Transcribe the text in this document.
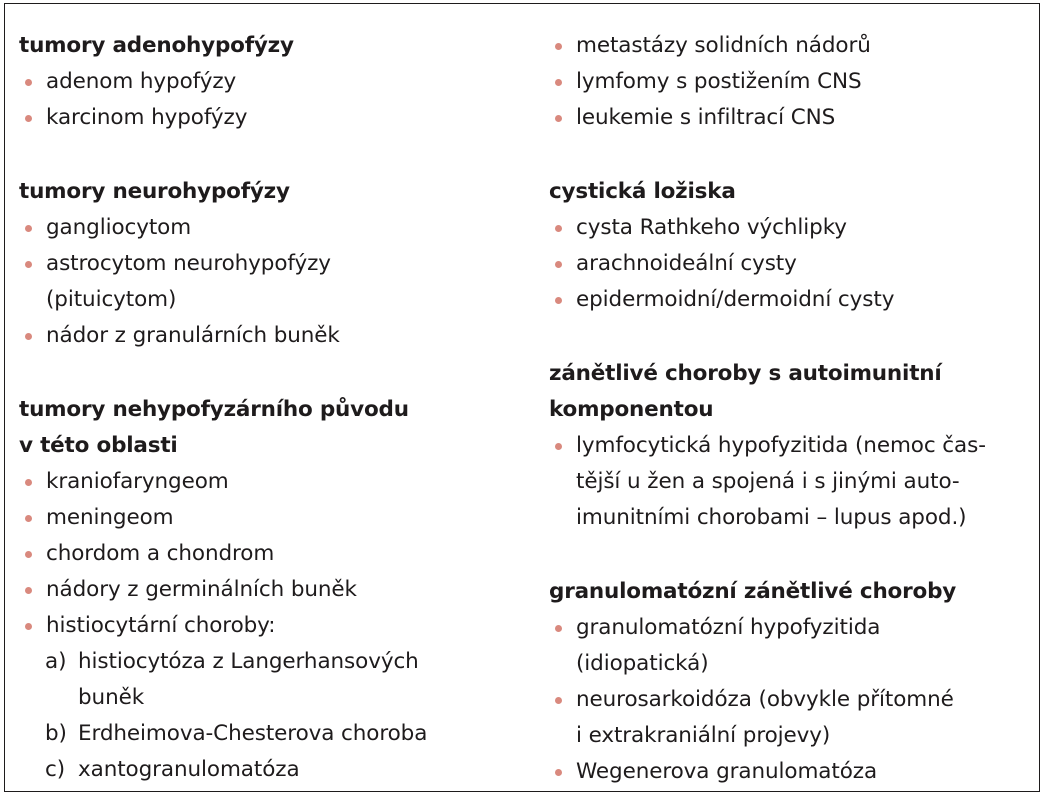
tumory adenohypofýzy
adenom hypofýzy
karcinom hypofýzy
tumory neurohypofýzy
gangliocytom
astrocytom neurohypofýzy
(pituicytom)
nádor z granulárních buněk
tumory nehypofyzárního původu
v této oblasti
kraniofaryngeom
meningeom
chordom a chondrom
nádory z germinálních buněk
histiocytární choroby:
a) histiocytóza z Langerhansových
buněk
b) Erdheimova-Chesterova choroba
c) xantogranulomatóza
metastázy solidních nádorů
lymfomy s postižením CNS
leukemie s infiltrací CNS
cystická ložiska
cysta Rathkeho výchlipky
arachnoideální cysty
epidermoidní/dermoidní cysty
zánětlivé choroby s autoimunitní
komponentou
lymfocytická hypofyzitida (nemoc čas-
tější u žen a spojená i s jinými auto-
imunitními chorobami – lupus apod.)
granulomatózní zánětlivé choroby
granulomatózní hypofyzitida
(idiopatická)
neurosarkoidóza (obvykle přítomné
i extrakraniální projevy)
Wegenerova granulomatóza
